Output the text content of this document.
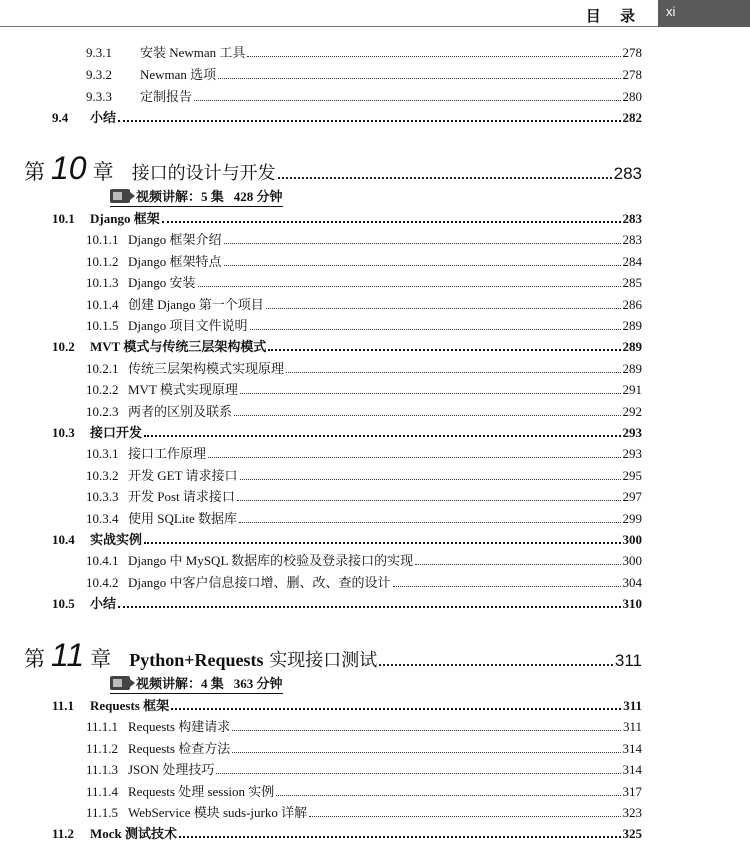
目 录	xi
9.3.1	安装 Newman 工具	278
9.3.2	Newman 选项	278
9.3.3	定制报告	280
9.4	小结	282
第 10 章 接口的设计与开发	283
视频讲解：5 集 428 分钟
10.1	Django 框架	283
10.1.1 Django 框架介绍	283
10.1.2 Django 框架特点	284
10.1.3 Django 安装	285
10.1.4 创建 Django 第一个项目	286
10.1.5 Django 项目文件说明	289
10.2	MVT 模式与传统三层架构模式	289
10.2.1 传统三层架构模式实现原理	289
10.2.2 MVT 模式实现原理	291
10.2.3 两者的区别及联系	292
10.3	接口开发	293
10.3.1 接口工作原理	293
10.3.2 开发 GET 请求接口	295
10.3.3 开发 Post 请求接口	297
10.3.4 使用 SQLite 数据库	299
10.4	实战实例	300
10.4.1 Django 中 MySQL 数据库的校验及登录接口的实现	300
10.4.2 Django 中客户信息接口增、删、改、查的设计	304
10.5	小结	310
第 11 章 Python+Requests 实现接口测试	311
视频讲解：4 集 363 分钟
11.1	Requests 框架	311
11.1.1 Requests 构建请求	311
11.1.2 Requests 检查方法	314
11.1.3 JSON 处理技巧	314
11.1.4 Requests 处理 session 实例	317
11.1.5 WebService 模块 suds-jurko 详解	323
11.2	Mock 测试技术	325
